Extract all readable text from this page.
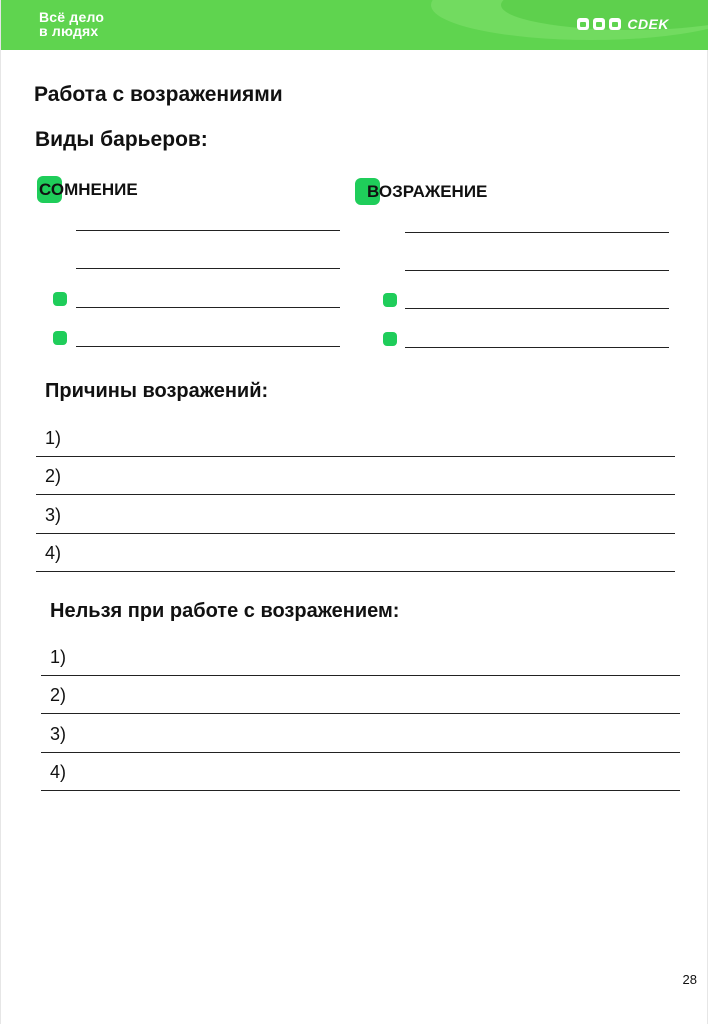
Всё дело
в людях	CDEK
Работа с возражениями
Виды барьеров:
СОМНЕНИЕ	ВОЗРАЖЕНИЕ
Причины возражений:
1)
2)
3)
4)
Нельзя при работе с возражением:
1)
2)
3)
4)
28
